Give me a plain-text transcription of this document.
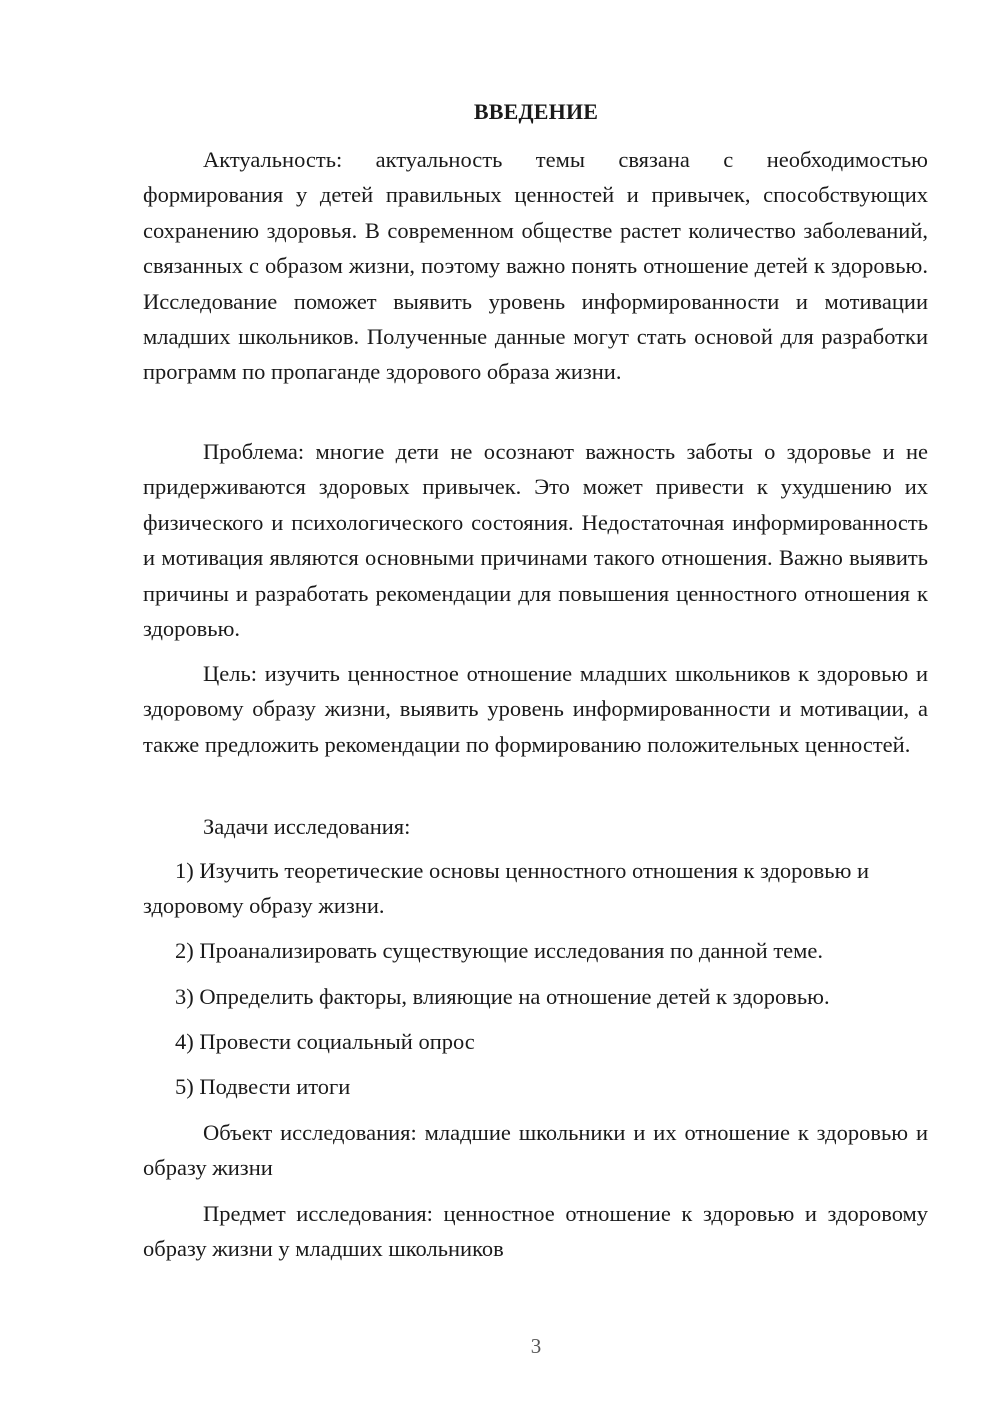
ВВЕДЕНИЕ

Актуальность: актуальность темы связана с необходимостью формирования у детей правильных ценностей и привычек, способствующих сохранению здоровья. В современном обществе растет количество заболеваний, связанных с образом жизни, поэтому важно понять отношение детей к здоровью. Исследование поможет выявить уровень информированности и мотивации младших школьников. Полученные данные могут стать основой для разработки программ по пропаганде здорового образа жизни.

Проблема: многие дети не осознают важность заботы о здоровье и не придерживаются здоровых привычек. Это может привести к ухудшению их физического и психологического состояния. Недостаточная информированность и мотивация являются основными причинами такого отношения. Важно выявить причины и разработать рекомендации для повышения ценностного отношения к здоровью.

Цель: изучить ценностное отношение младших школьников к здоровью и здоровому образу жизни, выявить уровень информированности и мотивации, а также предложить рекомендации по формированию положительных ценностей.

Задачи исследования:

1) Изучить теоретические основы ценностного отношения к здоровью и здоровому образу жизни.

2) Проанализировать существующие исследования по данной теме.

3) Определить факторы, влияющие на отношение детей к здоровью.

4) Провести социальный опрос

5) Подвести итоги

Объект исследования: младшие школьники и их отношение к здоровью и образу жизни

Предмет исследования: ценностное отношение к здоровью и здоровому образу жизни у младших школьников

3
